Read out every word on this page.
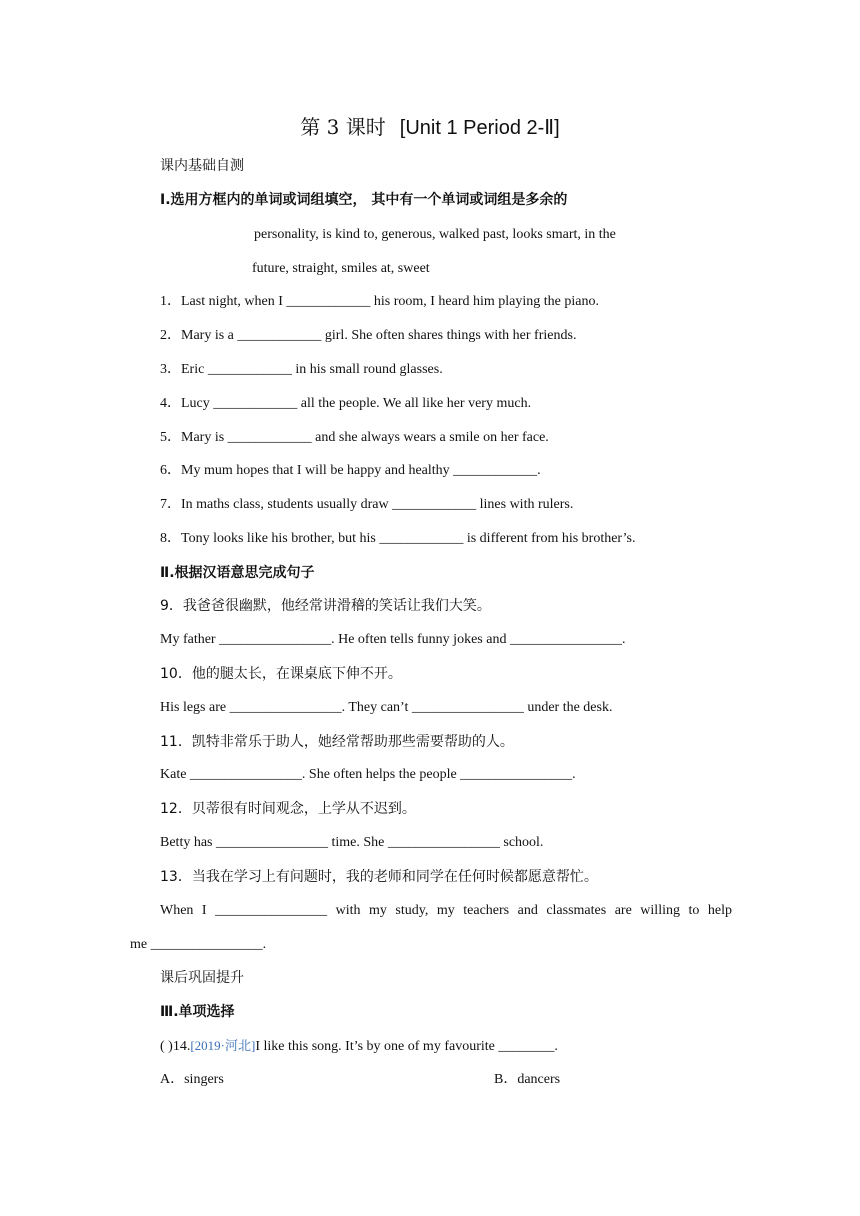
第 3 课时 [Unit 1 Period 2-Ⅱ]
课内基础自测
Ⅰ.选用方框内的单词或词组填空， 其中有一个单词或词组是多余的
personality, is kind to, generous, walked past, looks smart, in the
future, straight, smiles at, sweet
1．Last night, when I ____________ his room, I heard him playing the piano.
2．Mary is a ____________ girl. She often shares things with her friends.
3．Eric ____________ in his small round glasses.
4．Lucy ____________ all the people. We all like her very much.
5．Mary is ____________ and she always wears a smile on her face.
6．My mum hopes that I will be happy and healthy ____________.
7．In maths class, students usually draw ____________ lines with rulers.
8．Tony looks like his brother, but his ____________ is different from his brother’s.
Ⅱ.根据汉语意思完成句子
9．我爸爸很幽默，他经常讲滑稽的笑话让我们大笑。
My father ________________. He often tells funny jokes and ________________.
10．他的腿太长，在课桌底下伸不开。
His legs are ________________. They can’t ________________ under the desk.
11．凯特非常乐于助人，她经常帮助那些需要帮助的人。
Kate ________________. She often helps the people ________________.
12．贝蒂很有时间观念，上学从不迟到。
Betty has ________________ time. She ________________ school.
13．当我在学习上有问题时，我的老师和同学在任何时候都愿意帮忙。
When I ________________ with my study, my teachers and classmates are willing to help
me ________________.
课后巩固提升
Ⅲ.单项选择
( )14.[2019·河北]I like this song. It’s by one of my favourite ________.
A．singers	B．dancers
